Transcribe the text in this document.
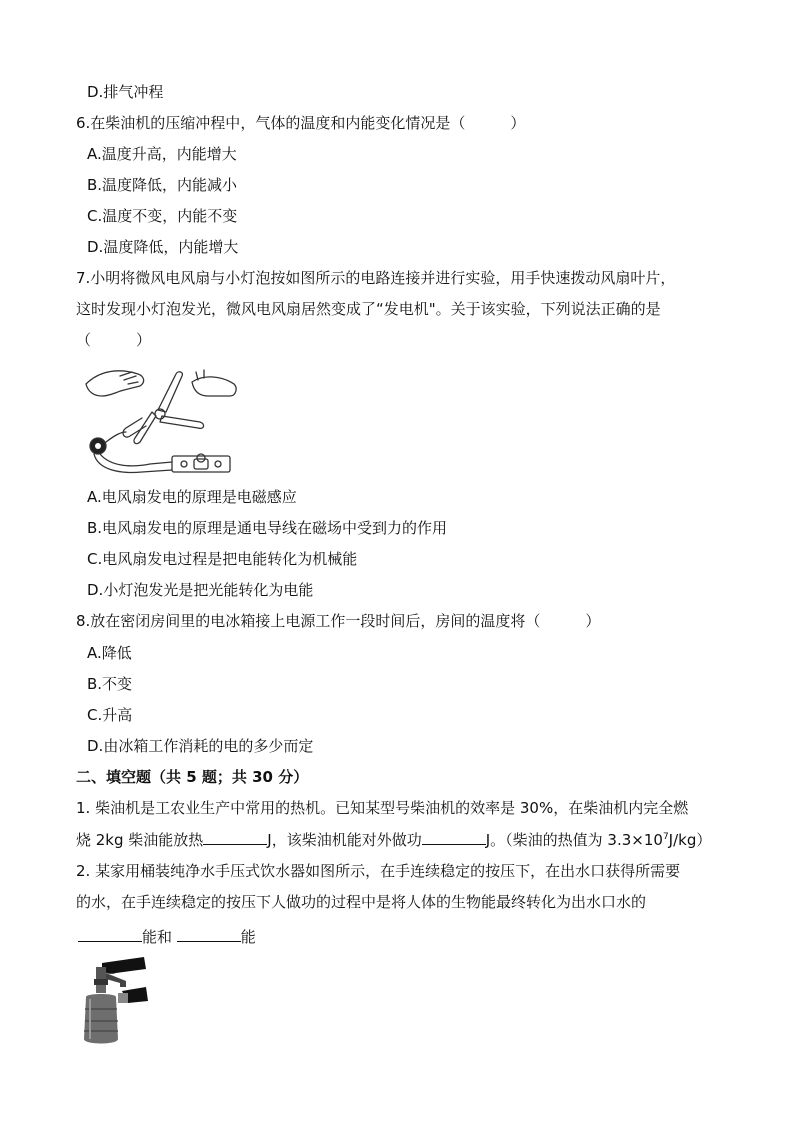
D.排气冲程
6.在柴油机的压缩冲程中，气体的温度和内能变化情况是（　　　）
A.温度升高，内能增大
B.温度降低，内能减小
C.温度不变，内能不变
D.温度降低，内能增大
7.小明将微风电风扇与小灯泡按如图所示的电路连接并进行实验，用手快速拨动风扇叶片，
这时发现小灯泡发光，微风电风扇居然变成了“发电机"。关于该实验，下列说法正确的是
（　　　）
A.电风扇发电的原理是电磁感应
B.电风扇发电的原理是通电导线在磁场中受到力的作用
C.电风扇发电过程是把电能转化为机械能
D.小灯泡发光是把光能转化为电能
8.放在密闭房间里的电冰箱接上电源工作一段时间后，房间的温度将（　　　）
A.降低
B.不变
C.升高
D.由冰箱工作消耗的电的多少而定
二、填空题（共 5 题；共 30 分）
1. 柴油机是工农业生产中常用的热机。已知某型号柴油机的效率是 30%，在柴油机内完全燃
烧 2kg 柴油能放热	J，该柴油机能对外做功	J。（柴油的热值为 $3.3\times 10^7J/kg$）
2. 某家用桶装纯净水手压式饮水器如图所示，在手连续稳定的按压下，在出水口获得所需要
的水，在手连续稳定的按压下人做功的过程中是将人体的生物能最终转化为出水口水的
能和	能
